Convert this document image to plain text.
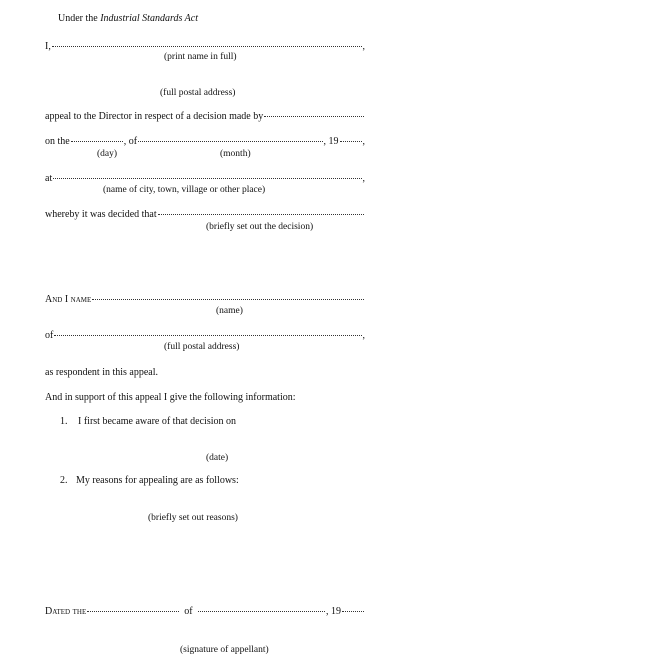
Under the Industrial Standards Act
I,	,
(print name in full)
(full postal address)
appeal to the Director in respect of a decision made by
on the	, of	, 19 ,
(day)	(month)
at	,
(name of city, town, village or other place)
whereby it was decided that
(briefly set out the decision)
And I name
(name)
of	,
(full postal address)
as respondent in this appeal.
And in support of this appeal I give the following information:
1. I first became aware of that decision on
(date)
2. My reasons for appealing are as follows:
(briefly set out reasons)
Dated the	of	, 19
(signature of appellant)
